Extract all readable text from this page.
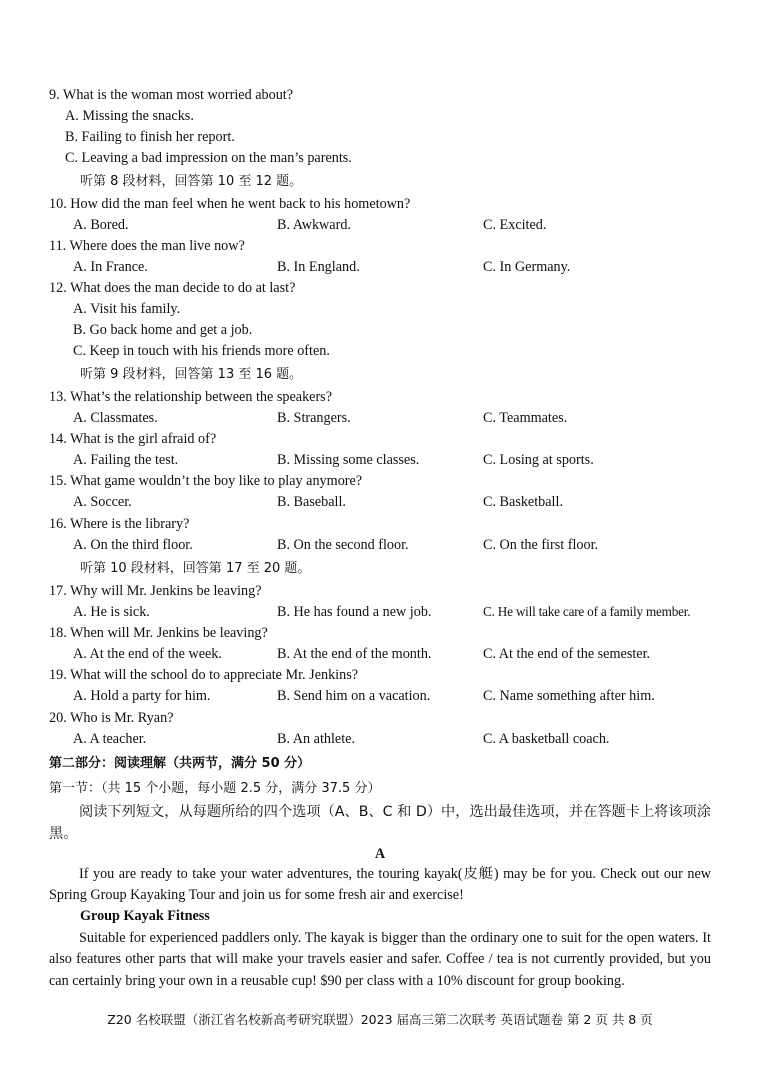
9. What is the woman most worried about?
A. Missing the snacks.
B. Failing to finish her report.
C. Leaving a bad impression on the man’s parents.
听第 8 段材料，回答第 10 至 12 题。
10. How did the man feel when he went back to his hometown?
A. Bored.	B. Awkward.	C. Excited.
11. Where does the man live now?
A. In France.	B. In England.	C. In Germany.
12. What does the man decide to do at last?
A. Visit his family.
B. Go back home and get a job.
C. Keep in touch with his friends more often.
听第 9 段材料，回答第 13 至 16 题。
13. What’s the relationship between the speakers?
A. Classmates.	B. Strangers.	C. Teammates.
14. What is the girl afraid of?
A. Failing the test.	B. Missing some classes.	C. Losing at sports.
15. What game wouldn’t the boy like to play anymore?
A. Soccer.	B. Baseball.	C. Basketball.
16. Where is the library?
A. On the third floor.	B. On the second floor.	C. On the first floor.
听第 10 段材料，回答第 17 至 20 题。
17. Why will Mr. Jenkins be leaving?
A. He is sick.	B. He has found a new job.	C. He will take care of a family member.
18. When will Mr. Jenkins be leaving?
A. At the end of the week.	B. At the end of the month.	C. At the end of the semester.
19. What will the school do to appreciate Mr. Jenkins?
A. Hold a party for him.	B. Send him on a vacation.	C. Name something after him.
20. Who is Mr. Ryan?
A. A teacher.	B. An athlete.	C. A basketball coach.
第二部分：阅读理解（共两节，满分 50 分）
第一节：（共 15 个小题，每小题 2.5 分，满分 37.5 分）
阅读下列短文，从每题所给的四个选项（A、B、C 和 D）中，选出最佳选项，并在答题卡上将该项涂黑。
A
If you are ready to take your water adventures, the touring kayak(皮艇) may be for you. Check out our new Spring Group Kayaking Tour and join us for some fresh air and exercise!
Group Kayak Fitness
Suitable for experienced paddlers only. The kayak is bigger than the ordinary one to suit for the open waters. It also features other parts that will make your travels easier and safer. Coffee / tea is not currently provided, but you can certainly bring your own in a reusable cup! $90 per class with a 10% discount for group booking.
Z20 名校联盟（浙江省名校新高考研究联盟）2023 届高三第二次联考 英语试题卷 第 2 页 共 8 页
